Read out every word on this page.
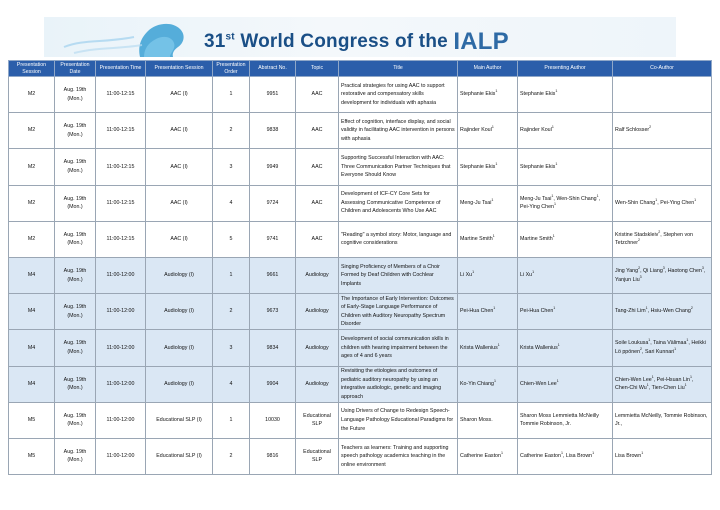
31st World Congress of the IALP
Presentation Session	Presentation Date	Presentation Time	Presentation Session	Presentation Order	Abstract No.	Topic	Title	Main Author	Presenting Author	Co-Author
M2	Aug. 19th (Mon.)	11:00-12:15	AAC (I)	1	9951	AAC	Practical strategies for using AAC to support restorative and compensatory skills development for individuals with aphasia	Stephanie Ekis$^1$	Stephanie Ekis$^1$	
M2	Aug. 19th (Mon.)	11:00-12:15	AAC (I)	2	9838	AAC	Effect of cognition, interface display, and social validity in facilitating AAC intervention in persons with aphasia	Rajinder Koul$^1$	Rajinder Koul$^1$	Ralf Schlosser$^2$
M2	Aug. 19th (Mon.)	11:00-12:15	AAC (I)	3	9949	AAC	Supporting Successful Interaction with AAC: Three Communication Partner Techniques that Everyone Should Know	Stephanie Ekis$^1$	Stephanie Ekis$^1$	
M2	Aug. 19th (Mon.)	11:00-12:15	AAC (I)	4	9724	AAC	Development of ICF-CY Core Sets for Assessing Communicative Competence of Children and Adolescents Who Use AAC	Meng-Ju Tsai$^1$	Meng-Ju Tsai$^1$, Wen-Shin Chang$^1$, Pei-Ying Chen$^1$	Wen-Shin Chang$^1$, Pei-Ying Chen$^1$
M2	Aug. 19th (Mon.)	11:00-12:15	AAC (I)	5	9741	AAC	"Reading" a symbol story: Motor, language and cognitive considerations	Martine Smith$^1$	Martine Smith$^1$	Kristine Stadskleiv$^2$, Stephen von Tetzchner$^2$
M4	Aug. 19th (Mon.)	11:00-12:00	Audiology (I)	1	9661	Audiology	Singing Proficiency of Members of a Choir Formed by Deaf Children with Cochlear Implants	Li Xu$^1$	Li Xu$^1$	Jing Yang$^2$, Qi Liang$^3$, Haotong Chen$^3$, Yanjun Liu$^3$
M4	Aug. 19th (Mon.)	11:00-12:00	Audiology (I)	2	9673	Audiology	The Importance of Early Intervention: Outcomes of Early-Stage Language Performance of Children with Auditory Neuropathy Spectrum Disorder	Pei-Hua Chen$^1$	Pei-Hua Chen$^1$	Tang-Zhi Lim$^1$, Hsiu-Wen Chang$^2$
M4	Aug. 19th (Mon.)	11:00-12:00	Audiology (I)	3	9834	Audiology	Development of social communication skills in children with hearing impairment between the ages of 4 and 6 years	Krista Wallenius$^1$	Krista Wallenius$^1$	Soile Loukusa$^1$, Taina Välimaa$^1$, Heikki Lö ppönen$^2$, Sari Kunnari$^1$
M4	Aug. 19th (Mon.)	11:00-12:00	Audiology (I)	4	9904	Audiology	Revisiting the etiologies and outcomes of pediatric auditory neuropathy by using an integrative audiologic, genetic and imaging approach	Ko-Yin Chiang$^1$	Chien-Wen Lee$^1$	Chien-Wen Lee$^1$, Pei-Hsuan Lin$^1$, Chen-Chi Wu$^1$, Tien-Chen Liu$^1$
M5	Aug. 19th (Mon.)	11:00-12:00	Educational SLP (I)	1	10030	Educational SLP	Using Drivers of Change to Redesign Speech-Language Pathology Educational Paradigms for the Future	Sharon Moss.	Sharon Moss Lemmietta McNeilly Tommie Robinson, Jr.	Lemmietta McNeilly, Tommie Robinson, Jr.,
M5	Aug. 19th (Mon.)	11:00-12:00	Educational SLP (I)	2	9816	Educational SLP	Teachers as learners: Training and supporting speech pathology academics teaching in the online environment	Catherine Easton$^1$	Catherine Easton$^1$, Lisa Brown$^1$	Lisa Brown$^1$
